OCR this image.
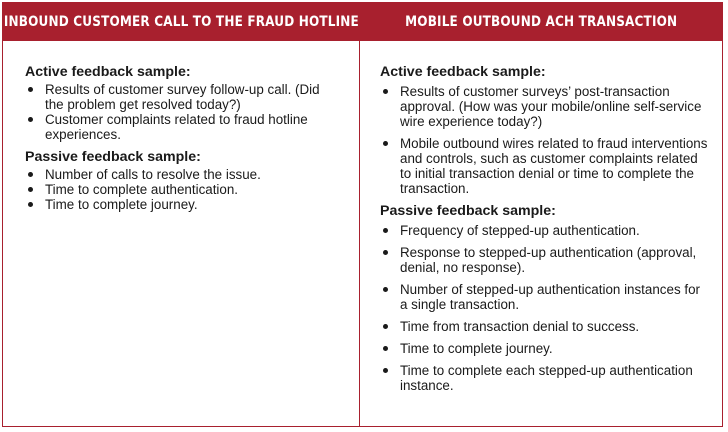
INBOUND CUSTOMER CALL TO THE FRAUD HOTLINE
Active feedback sample:
Results of customer survey follow-up call. (Did the problem get resolved today?)
Customer complaints related to fraud hotline experiences.
Passive feedback sample:
Number of calls to resolve the issue.
Time to complete authentication.
Time to complete journey.
MOBILE OUTBOUND ACH TRANSACTION
Active feedback sample:
Results of customer surveys’ post-transaction approval. (How was your mobile/online self-service wire experience today?)
Mobile outbound wires related to fraud interventions and controls, such as customer complaints related to initial transaction denial or time to complete the transaction.
Passive feedback sample:
Frequency of stepped-up authentication.
Response to stepped-up authentication (approval, denial, no response).
Number of stepped-up authentication instances for a single transaction.
Time from transaction denial to success.
Time to complete journey.
Time to complete each stepped-up authentication instance.
